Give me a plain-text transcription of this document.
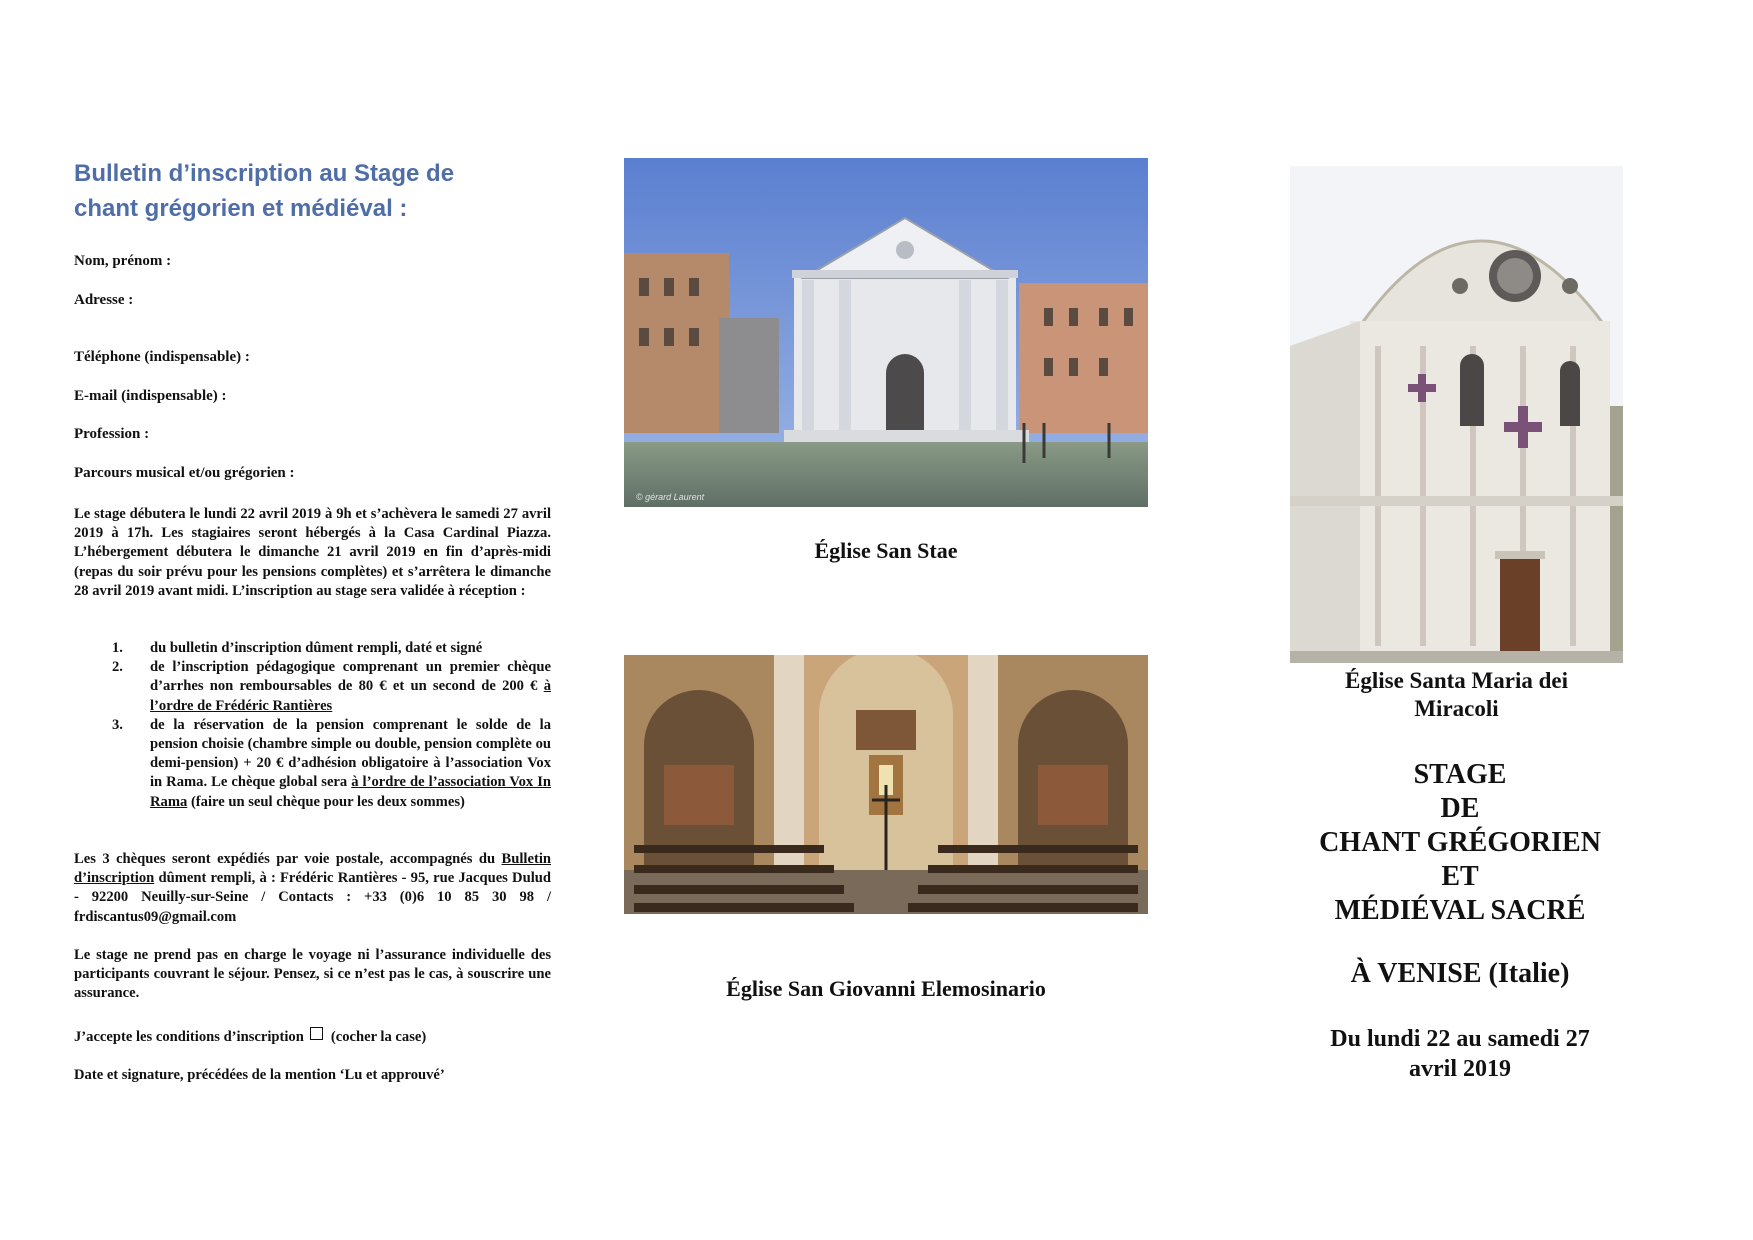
Bulletin d’inscription au Stage de
chant grégorien et médiéval :

Nom, prénom :

Adresse :

Téléphone (indispensable) :

E-mail (indispensable) :

Profession :

Parcours musical et/ou grégorien :

Le stage débutera le lundi 22 avril 2019 à 9h et s’achèvera le samedi 27 avril 2019 à 17h. Les stagiaires seront hébergés à la Casa Cardinal Piazza. L’hébergement débutera le dimanche 21 avril 2019 en fin d’après-midi (repas du soir prévu pour les pensions complètes) et s’arrêtera le dimanche 28 avril 2019 avant midi. L’inscription au stage sera validée à réception :

1.	du bulletin d’inscription dûment rempli, daté et signé
2.	de l’inscription pédagogique comprenant un premier chèque d’arrhes non remboursables de 80 € et un second de 200 € à l’ordre de Frédéric Rantières
3.	de la réservation de la pension comprenant le solde de la pension choisie (chambre simple ou double, pension complète ou demi-pension) + 20 € d’adhésion obligatoire à l’association Vox in Rama. Le chèque global sera à l’ordre de l’association Vox In Rama (faire un seul chèque pour les deux sommes)

Les 3 chèques seront expédiés par voie postale, accompagnés du Bulletin d’inscription dûment rempli, à : Frédéric Rantières - 95, rue Jacques Dulud - 92200 Neuilly-sur-Seine / Contacts : +33 (0)6 10 85 30 98 / frdiscantus09@gmail.com

Le stage ne prend pas en charge le voyage ni l’assurance individuelle des participants couvrant le séjour. Pensez, si ce n’est pas le cas, à souscrire une assurance.

J’accepte les conditions d’inscription (cocher la case)

Date et signature, précédées de la mention ‘Lu et approuvé’

© gérard Laurent

Église San Stae

Église San Giovanni Elemosinario

Église Santa Maria dei
Miracoli

STAGE
DE
CHANT GRÉGORIEN
ET
MÉDIÉVAL SACRÉ

À VENISE (Italie)

Du lundi 22 au samedi 27
avril 2019
